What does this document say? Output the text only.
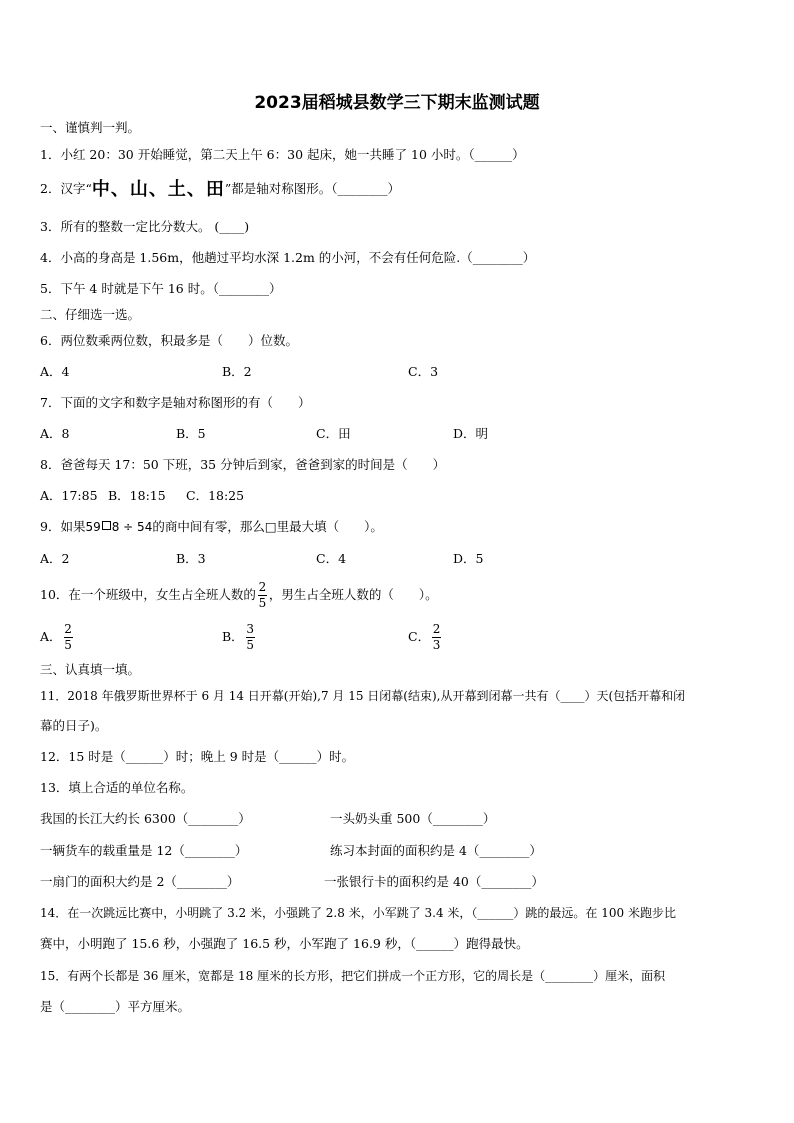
2023届稻城县数学三下期末监测试题
一、谨慎判一判。
1．小红 20：30 开始睡觉，第二天上午 6：30 起床，她一共睡了 10 小时。（______）
2．汉字“中、山、土、田”都是轴对称图形。（________）
3．所有的整数一定比分数大。 (____)
4．小高的身高是 1.56m，他趟过平均水深 1.2m 的小河，不会有任何危险.（________）
5．下午 4 时就是下午 16 时。（________）
二、仔细选一选。
6．两位数乘两位数，积最多是（　　）位数。
A．4	B．2	C．3
7．下面的文字和数字是轴对称图形的有（　　）
A．8	B．5	C．田	D．明
8．爸爸每天 17：50 下班，35 分钟后到家，爸爸到家的时间是（　　）
A．17:85 B．18:15 C．18:25
9．如果59 8 ÷ 54的商中间有零，那么□里最大填（　　）。
A．2	B．3	C．4	D．5
10．在一个班级中，女生占全班人数的 $\frac{2}{5}$ ，男生占全班人数的（　　）。
A． $\frac{2}{5}$	B． $\frac{3}{5}$	C． $\frac{2}{3}$
三、认真填一填。
11．2018 年俄罗斯世界杯于 6 月 14 日开幕(开始),7 月 15 日闭幕(结束),从开幕到闭幕一共有（____）天(包括开幕和闭
幕的日子)。
12．15 时是（______）时；晚上 9 时是（______）时。
13．填上合适的单位名称。
我国的长江大约长 6300（________）	一头奶头重 500（________）
一辆货车的载重量是 12（________）	练习本封面的面积约是 4（________）
一扇门的面积大约是 2（________）	一张银行卡的面积约是 40（________）
14．在一次跳远比赛中，小明跳了 3.2 米，小强跳了 2.8 米，小军跳了 3.4 米，（______）跳的最远。在 100 米跑步比
赛中，小明跑了 15.6 秒，小强跑了 16.5 秒，小军跑了 16.9 秒，（______）跑得最快。
15．有两个长都是 36 厘米，宽都是 18 厘米的长方形，把它们拼成一个正方形，它的周长是（________）厘米，面积
是（________）平方厘米。
